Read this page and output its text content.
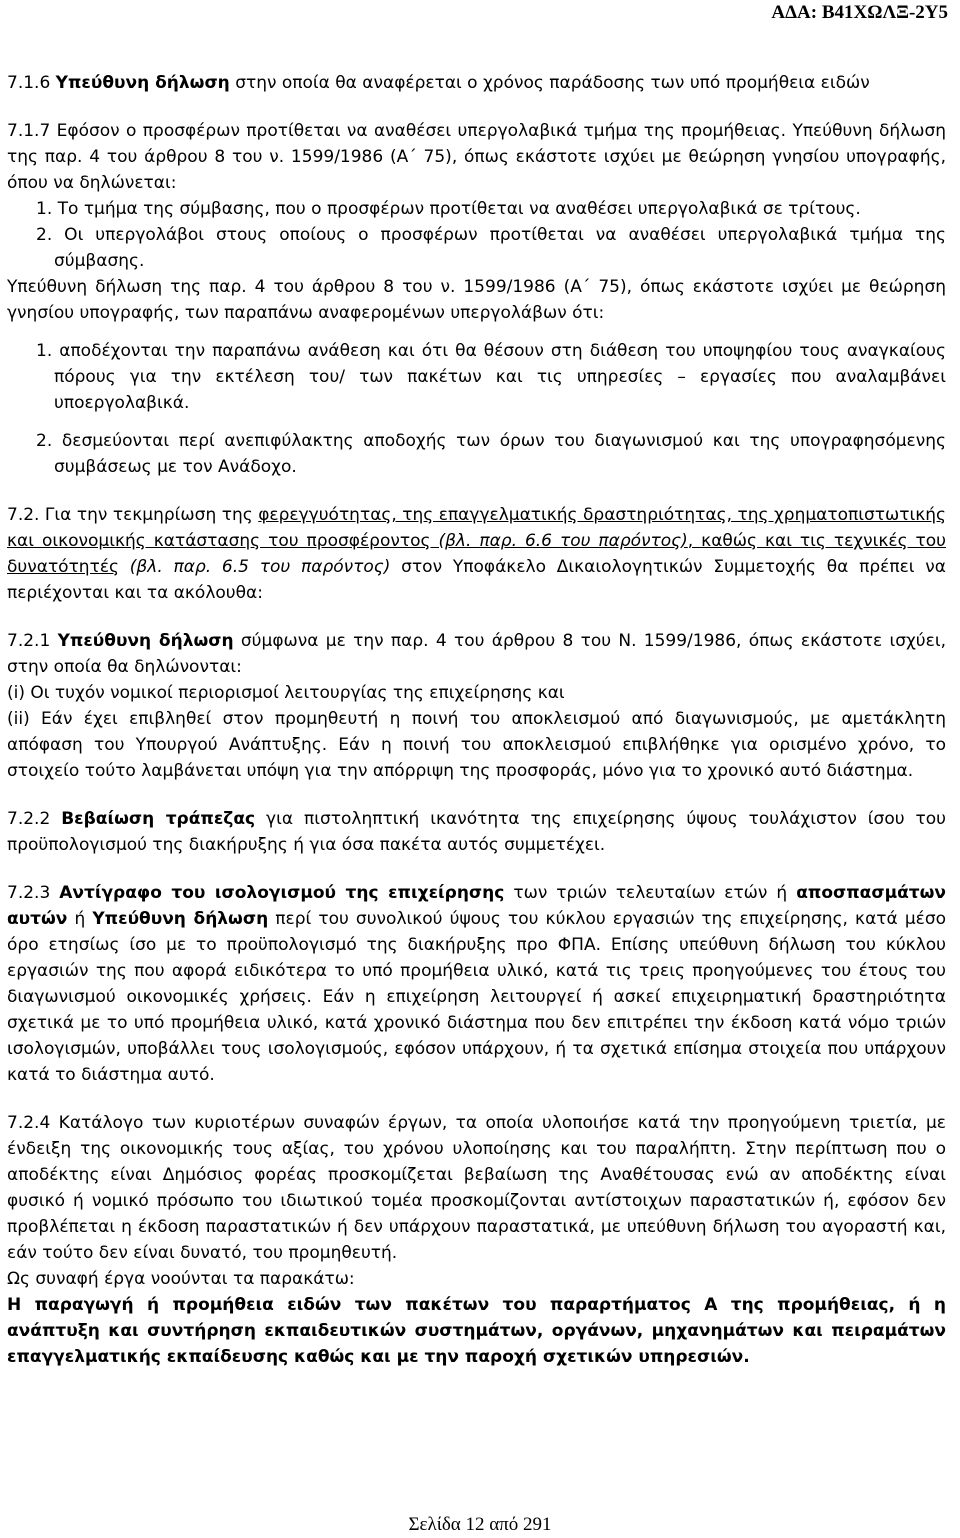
ΑΔΑ: Β41ΧΩΛΞ-2Υ5

7.1.6 Υπεύθυνη δήλωση στην οποία θα αναφέρεται ο χρόνος παράδοσης των υπό προμήθεια ειδών

7.1.7 Εφόσον ο προσφέρων προτίθεται να αναθέσει υπεργολαβικά τμήμα της προμήθειας. Υπεύθυνη δήλωση της παρ. 4 του άρθρου 8 του ν. 1599/1986 (Α΄ 75), όπως εκάστοτε ισχύει με θεώρηση γνησίου υπογραφής, όπου να δηλώνεται:

1. Το τμήμα της σύμβασης, που ο προσφέρων προτίθεται να αναθέσει υπεργολαβικά σε τρίτους.

2. Οι υπεργολάβοι στους οποίους ο προσφέρων προτίθεται να αναθέσει υπεργολαβικά τμήμα της σύμβασης.

Υπεύθυνη δήλωση της παρ. 4 του άρθρου 8 του ν. 1599/1986 (Α΄ 75), όπως εκάστοτε ισχύει με θεώρηση γνησίου υπογραφής, των παραπάνω αναφερομένων υπεργολάβων ότι:

1. αποδέχονται την παραπάνω ανάθεση και ότι θα θέσουν στη διάθεση του υποψηφίου τους αναγκαίους πόρους για την εκτέλεση του/ των πακέτων και τις υπηρεσίες – εργασίες που αναλαμβάνει υποεργολαβικά.

2. δεσμεύονται περί ανεπιφύλακτης αποδοχής των όρων του διαγωνισμού και της υπογραφησόμενης συμβάσεως με τον Ανάδοχο.

7.2. Για την τεκμηρίωση της φερεγγυότητας, της επαγγελματικής δραστηριότητας, της χρηματοπιστωτικής και οικονομικής κατάστασης του προσφέροντος (βλ. παρ. 6.6 του παρόντος), καθώς και τις τεχνικές του δυνατότητές (βλ. παρ. 6.5 του παρόντος) στον Υποφάκελο Δικαιολογητικών Συμμετοχής θα πρέπει να περιέχονται και τα ακόλουθα:

7.2.1 Υπεύθυνη δήλωση σύμφωνα με την παρ. 4 του άρθρου 8 του Ν. 1599/1986, όπως εκάστοτε ισχύει, στην οποία θα δηλώνονται:

(i) Οι τυχόν νομικοί περιορισμοί λειτουργίας της επιχείρησης και

(ii) Εάν έχει επιβληθεί στον προμηθευτή η ποινή του αποκλεισμού από διαγωνισμούς, με αμετάκλητη απόφαση του Υπουργού Ανάπτυξης. Εάν η ποινή του αποκλεισμού επιβλήθηκε για ορισμένο χρόνο, το στοιχείο τούτο λαμβάνεται υπόψη για την απόρριψη της προσφοράς, μόνο για το χρονικό αυτό διάστημα.

7.2.2 Βεβαίωση τράπεζας για πιστοληπτική ικανότητα της επιχείρησης ύψους τουλάχιστον ίσου του προϋπολογισμού της διακήρυξης ή για όσα πακέτα αυτός συμμετέχει.

7.2.3 Αντίγραφο του ισολογισμού της επιχείρησης των τριών τελευταίων ετών ή αποσπασμάτων αυτών ή Υπεύθυνη δήλωση περί του συνολικού ύψους του κύκλου εργασιών της επιχείρησης, κατά μέσο όρο ετησίως ίσο με το προϋπολογισμό της διακήρυξης προ ΦΠΑ. Επίσης υπεύθυνη δήλωση του κύκλου εργασιών της που αφορά ειδικότερα το υπό προμήθεια υλικό, κατά τις τρεις προηγούμενες του έτους του διαγωνισμού οικονομικές χρήσεις. Εάν η επιχείρηση λειτουργεί ή ασκεί επιχειρηματική δραστηριότητα σχετικά με το υπό προμήθεια υλικό, κατά χρονικό διάστημα που δεν επιτρέπει την έκδοση κατά νόμο τριών ισολογισμών, υποβάλλει τους ισολογισμούς, εφόσον υπάρχουν, ή τα σχετικά επίσημα στοιχεία που υπάρχουν κατά το διάστημα αυτό.

7.2.4 Κατάλογο των κυριοτέρων συναφών έργων, τα οποία υλοποιήσε κατά την προηγούμενη τριετία, με ένδειξη της οικονομικής τους αξίας, του χρόνου υλοποίησης και του παραλήπτη. Στην περίπτωση που ο αποδέκτης είναι Δημόσιος φορέας προσκομίζεται βεβαίωση της Αναθέτουσας ενώ αν αποδέκτης είναι φυσικό ή νομικό πρόσωπο του ιδιωτικού τομέα προσκομίζονται αντίστοιχων παραστατικών ή, εφόσον δεν προβλέπεται η έκδοση παραστατικών ή δεν υπάρχουν παραστατικά, με υπεύθυνη δήλωση του αγοραστή και, εάν τούτο δεν είναι δυνατό, του προμηθευτή.

Ως συναφή έργα νοούνται τα παρακάτω:

Η παραγωγή ή προμήθεια ειδών των πακέτων του παραρτήματος Α της προμήθειας, ή η ανάπτυξη και συντήρηση εκπαιδευτικών συστημάτων, οργάνων, μηχανημάτων και πειραμάτων επαγγελματικής εκπαίδευσης καθώς και με την παροχή σχετικών υπηρεσιών.

Σελίδα 12 από 291
